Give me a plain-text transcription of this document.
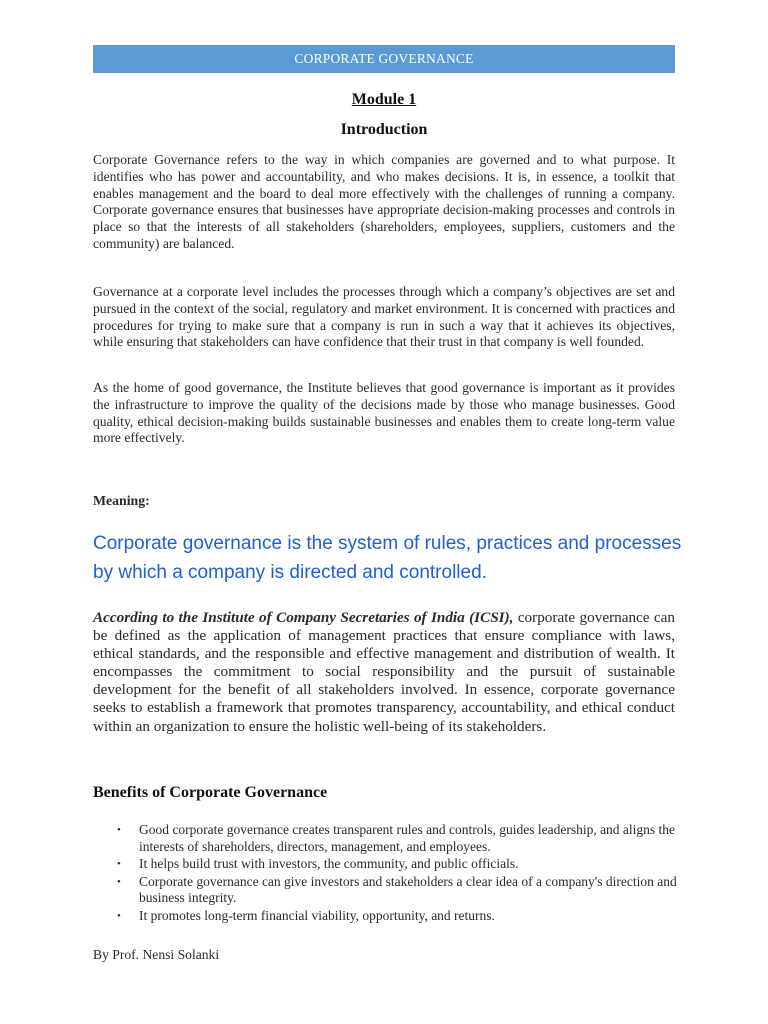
CORPORATE GOVERNANCE
Module 1
Introduction

Corporate Governance refers to the way in which companies are governed and to what purpose. It identifies who has power and accountability, and who makes decisions. It is, in essence, a toolkit that enables management and the board to deal more effectively with the challenges of running a company. Corporate governance ensures that businesses have appropriate decision-making processes and controls in place so that the interests of all stakeholders (shareholders, employees, suppliers, customers and the community) are balanced.

Governance at a corporate level includes the processes through which a company’s objectives are set and pursued in the context of the social, regulatory and market environment. It is concerned with practices and procedures for trying to make sure that a company is run in such a way that it achieves its objectives, while ensuring that stakeholders can have confidence that their trust in that company is well founded.

As the home of good governance, the Institute believes that good governance is important as it provides the infrastructure to improve the quality of the decisions made by those who manage businesses. Good quality, ethical decision-making builds sustainable businesses and enables them to create long-term value more effectively.

Meaning:

Corporate governance is the system of rules, practices and processes by which a company is directed and controlled.

According to the Institute of Company Secretaries of India (ICSI), corporate governance can be defined as the application of management practices that ensure compliance with laws, ethical standards, and the responsible and effective management and distribution of wealth. It encompasses the commitment to social responsibility and the pursuit of sustainable development for the benefit of all stakeholders involved. In essence, corporate governance seeks to establish a framework that promotes transparency, accountability, and ethical conduct within an organization to ensure the holistic well-being of its stakeholders.

Benefits of Corporate Governance
• Good corporate governance creates transparent rules and controls, guides leadership, and aligns the interests of shareholders, directors, management, and employees.
• It helps build trust with investors, the community, and public officials.
• Corporate governance can give investors and stakeholders a clear idea of a company's direction and business integrity.
• It promotes long-term financial viability, opportunity, and returns.
By Prof. Nensi Solanki
